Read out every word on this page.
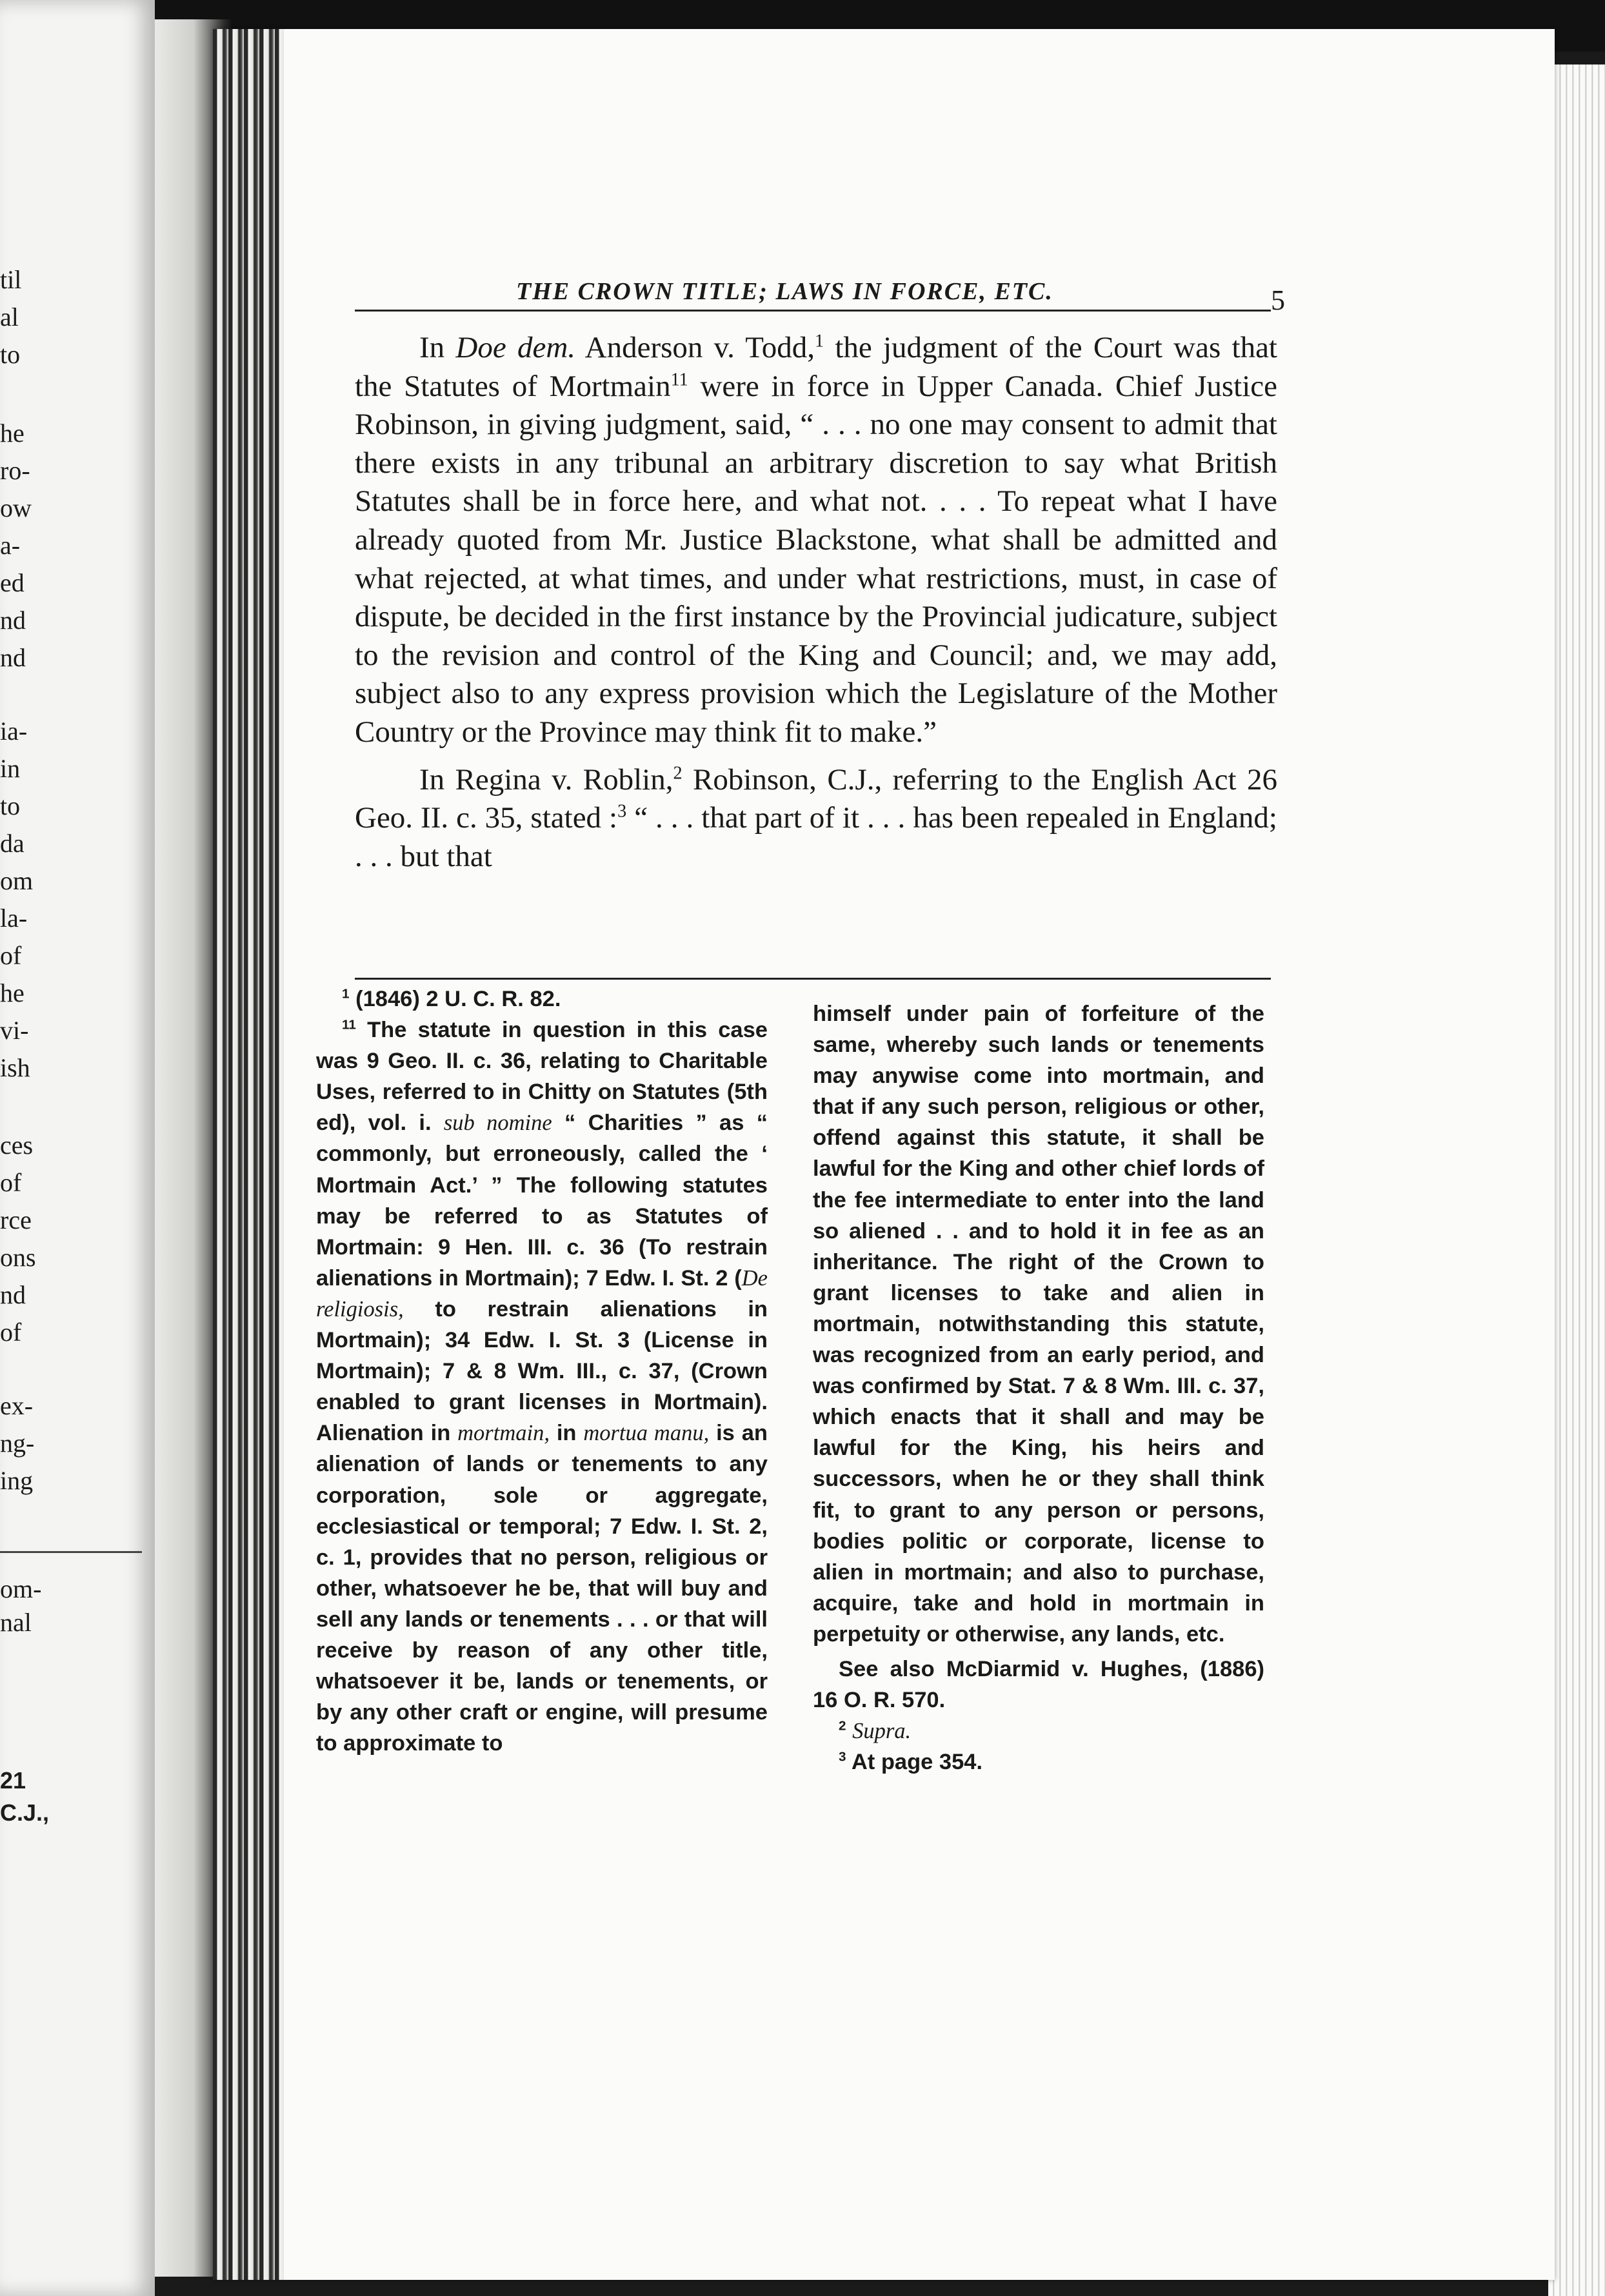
til
al
to
he
ro-
ow
a-
ed
nd
nd
ia-
in
to
da
om
la-
of
he
vi-
ish
ces
of
rce
ons
nd
of
ex-
ng-
ing
om-
nal
21
C.J.,
THE CROWN TITLE; LAWS IN FORCE, ETC.	5

In Doe dem. Anderson v. Todd,$^1$ the judgment of the Court was that the Statutes of Mortmain$^{11}$ were in force in Upper Canada. Chief Justice Robinson, in giving judgment, said, “ . . . no one may consent to admit that there exists in any tribunal an arbitrary discretion to say what British Statutes shall be in force here, and what not. . . . To repeat what I have already quoted from Mr. Justice Blackstone, what shall be admitted and what rejected, at what times, and under what restrictions, must, in case of dispute, be decided in the first instance by the Provincial judicature, subject to the revision and control of the King and Council; and, we may add, subject also to any express provision which the Legislature of the Mother Country or the Province may think fit to make.”

In Regina v. Roblin,$^2$ Robinson, C.J., referring to the English Act 26 Geo. II. c. 35, stated :$^3$ “ . . . that part of it . . . has been repealed in England; . . . but that

$^1$ (1846) 2 U. C. R. 82.

$^{11}$ The statute in question in this case was 9 Geo. II. c. 36, relating to Charitable Uses, referred to in Chitty on Statutes (5th ed), vol. i. sub nomine “ Charities ” as “ commonly, but erroneously, called the ‘ Mortmain Act.’ ” The following statutes may be referred to as Statutes of Mortmain: 9 Hen. III. c. 36 (To restrain alienations in Mortmain); 7 Edw. I. St. 2 (De religiosis, to restrain alienations in Mortmain); 34 Edw. I. St. 3 (License in Mortmain); 7 & 8 Wm. III., c. 37, (Crown enabled to grant licenses in Mortmain). Alienation in mortmain, in mortua manu, is an alienation of lands or tenements to any corporation, sole or aggregate, ecclesiastical or temporal; 7 Edw. I. St. 2, c. 1, provides that no person, religious or other, whatsoever he be, that will buy and sell any lands or tenements . . . or that will receive by reason of any other title, whatsoever it be, lands or tenements, or by any other craft or engine, will presume to approximate to

himself under pain of forfeiture of the same, whereby such lands or tenements may anywise come into mortmain, and that if any such person, religious or other, offend against this statute, it shall be lawful for the King and other chief lords of the fee intermediate to enter into the land so aliened . . and to hold it in fee as an inheritance. The right of the Crown to grant licenses to take and alien in mortmain, notwithstanding this statute, was recognized from an early period, and was confirmed by Stat. 7 & 8 Wm. III. c. 37, which enacts that it shall and may be lawful for the King, his heirs and successors, when he or they shall think fit, to grant to any person or persons, bodies politic or corporate, license to alien in mortmain; and also to purchase, acquire, take and hold in mortmain in perpetuity or otherwise, any lands, etc.

See also McDiarmid v. Hughes, (1886) 16 O. R. 570.

$^2$ Supra.

$^3$ At page 354.
